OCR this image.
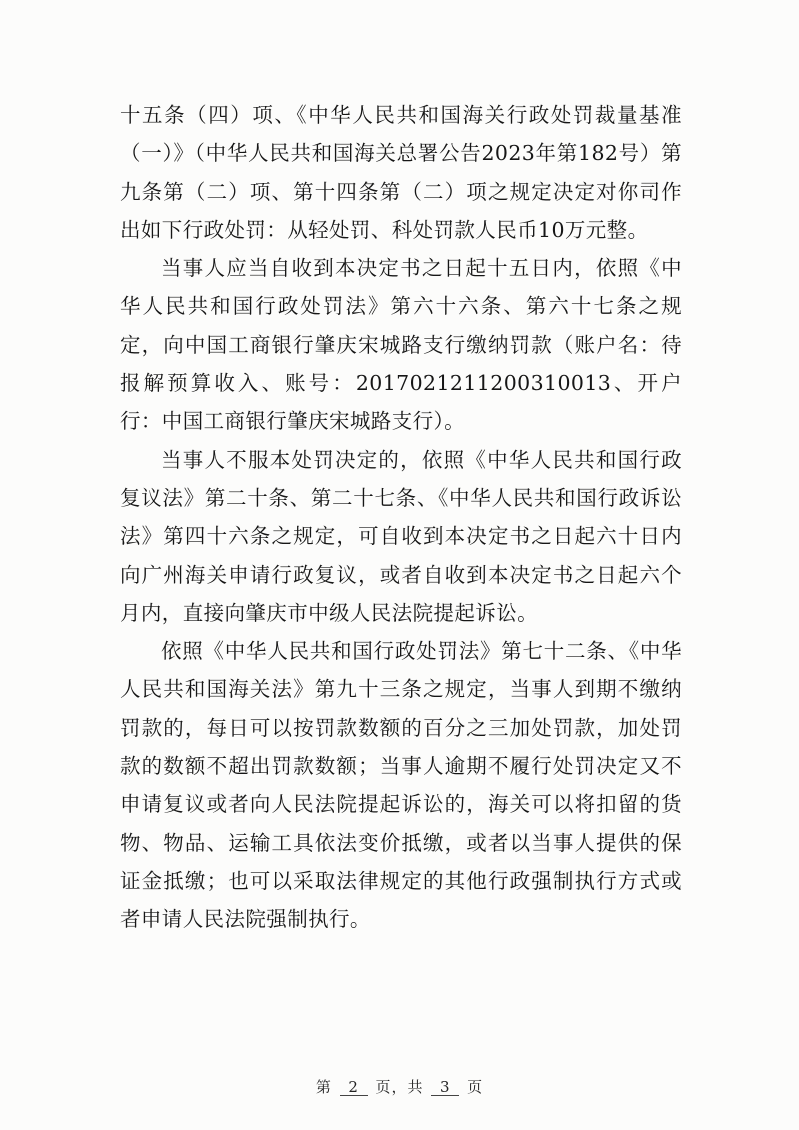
十五条（四）项、《中华人民共和国海关行政处罚裁量基准（一）》（中华人民共和国海关总署公告2023年第182号）第九条第（二）项、第十四条第（二）项之规定决定对你司作出如下行政处罚：从轻处罚、科处罚款人民币10万元整。

当事人应当自收到本决定书之日起十五日内，依照《中华人民共和国行政处罚法》第六十六条、第六十七条之规定，向中国工商银行肇庆宋城路支行缴纳罚款（账户名：待报解预算收入、账号：2017021211200310013、开户行：中国工商银行肇庆宋城路支行）。

当事人不服本处罚决定的，依照《中华人民共和国行政复议法》第二十条、第二十七条、《中华人民共和国行政诉讼法》第四十六条之规定，可自收到本决定书之日起六十日内向广州海关申请行政复议，或者自收到本决定书之日起六个月内，直接向肇庆市中级人民法院提起诉讼。

依照《中华人民共和国行政处罚法》第七十二条、《中华人民共和国海关法》第九十三条之规定，当事人到期不缴纳罚款的，每日可以按罚款数额的百分之三加处罚款，加处罚款的数额不超出罚款数额；当事人逾期不履行处罚决定又不申请复议或者向人民法院提起诉讼的，海关可以将扣留的货物、物品、运输工具依法变价抵缴，或者以当事人提供的保证金抵缴；也可以采取法律规定的其他行政强制执行方式或者申请人民法院强制执行。

第 2 页，共 3 页
